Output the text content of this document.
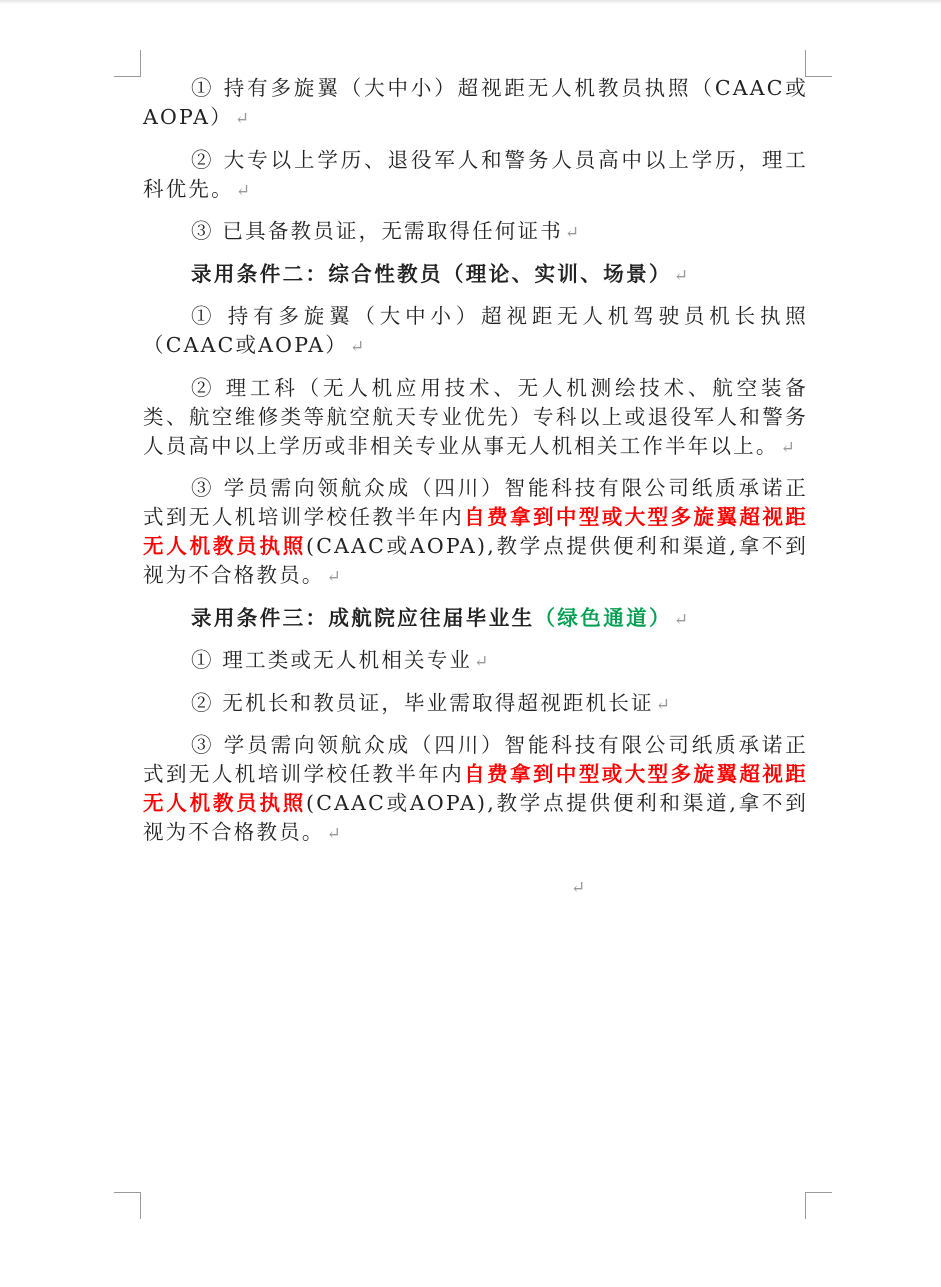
① 持有多旋翼（大中小）超视距无人机教员执照（CAAC或AOPA） ↵

② 大专以上学历、退役军人和警务人员高中以上学历，理工科优先。 ↵

③ 已具备教员证，无需取得任何证书 ↵

录用条件二：综合性教员（理论、实训、场景） ↵

① 持有多旋翼（大中小）超视距无人机驾驶员机长执照（CAAC或AOPA） ↵

② 理工科（无人机应用技术、无人机测绘技术、航空装备类、航空维修类等航空航天专业优先）专科以上或退役军人和警务人员高中以上学历或非相关专业从事无人机相关工作半年以上。 ↵

③ 学员需向领航众成（四川）智能科技有限公司纸质承诺正式到无人机培训学校任教半年内自费拿到中型或大型多旋翼超视距无人机教员执照(CAAC或AOPA),教学点提供便利和渠道,拿不到视为不合格教员。 ↵

录用条件三：成航院应往届毕业生（绿色通道） ↵

① 理工类或无人机相关专业 ↵

② 无机长和教员证，毕业需取得超视距机长证 ↵

③ 学员需向领航众成（四川）智能科技有限公司纸质承诺正式到无人机培训学校任教半年内自费拿到中型或大型多旋翼超视距无人机教员执照(CAAC或AOPA),教学点提供便利和渠道,拿不到视为不合格教员。 ↵

↵
